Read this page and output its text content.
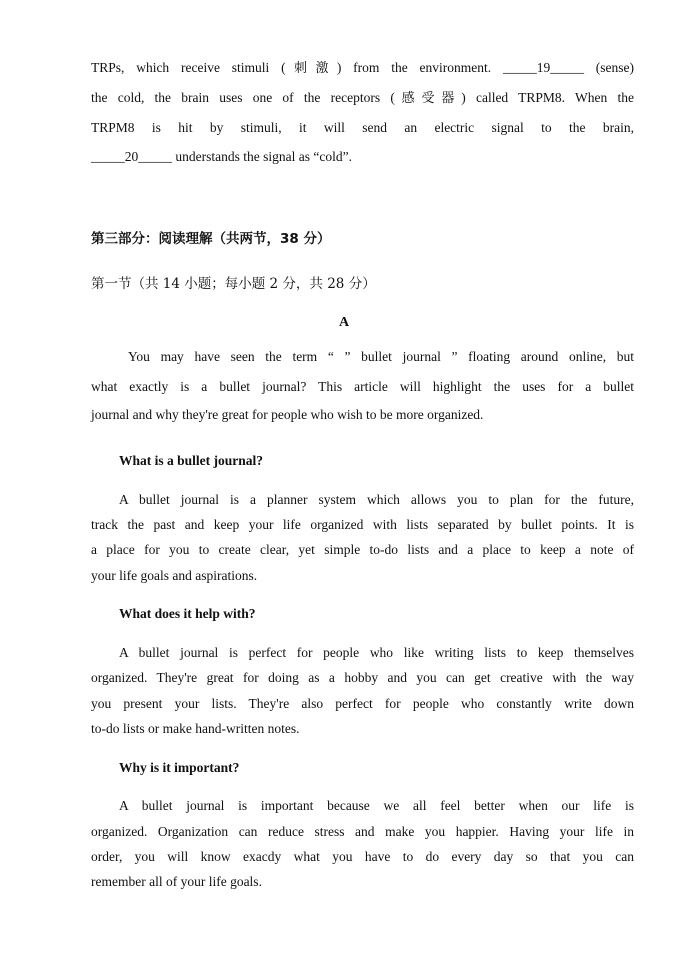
TRPs, which receive stimuli (刺激) from the environment. _____19_____ (sense)
the cold, the brain uses one of the receptors (感受器) called TRPM8. When the
TRPM8 is hit by stimuli, it will send an electric signal to the brain,
_____20_____ understands the signal as “cold”.
第三部分：阅读理解（共两节，38 分）
第一节（共 14 小题；每小题 2 分，共 28 分）
A
You may have seen the term “ ” bullet journal ” floating around online, but
what exactly is a bullet journal? This article will highlight the uses for a bullet
journal and why they're great for people who wish to be more organized.
What is a bullet journal?
A bullet journal is a planner system which allows you to plan for the future,
track the past and keep your life organized with lists separated by bullet points. It is
a place for you to create clear, yet simple to-do lists and a place to keep a note of
your life goals and aspirations.
What does it help with?
A bullet journal is perfect for people who like writing lists to keep themselves
organized. They're great for doing as a hobby and you can get creative with the way
you present your lists. They're also perfect for people who constantly write down
to-do lists or make hand-written notes.
Why is it important?
A bullet journal is important because we all feel better when our life is
organized. Organization can reduce stress and make you happier. Having your life in
order, you will know exacdy what you have to do every day so that you can
remember all of your life goals.
